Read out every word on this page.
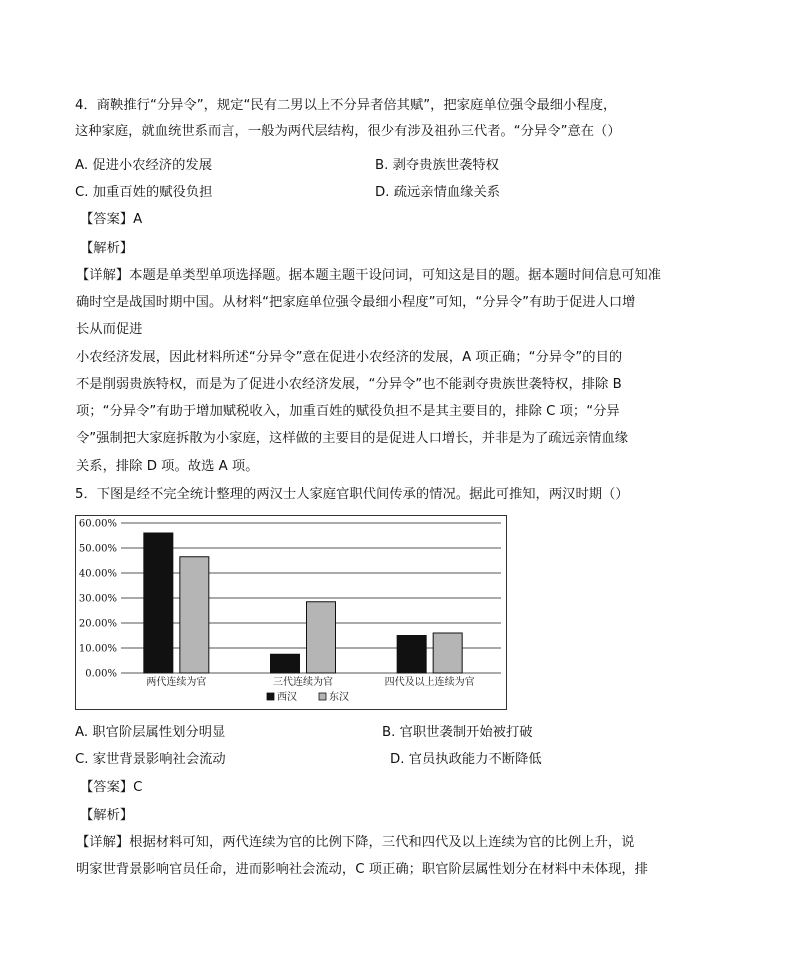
4．商鞅推行“分异令”，规定“民有二男以上不分异者倍其赋”，把家庭单位强令最细小程度，
这种家庭，就血统世系而言，一般为两代层结构，很少有涉及祖孙三代者。“分异令”意在（）
A. 促进小农经济的发展	B. 剥夺贵族世袭特权
C. 加重百姓的赋役负担	D. 疏远亲情血缘关系
【答案】A
【解析】
【详解】本题是单类型单项选择题。据本题主题干设问词，可知这是目的题。据本题时间信息可知准
确时空是战国时期中国。从材料“把家庭单位强令最细小程度”可知，“分异令”有助于促进人口增
长从而促进
小农经济发展，因此材料所述“分异令”意在促进小农经济的发展，A 项正确；“分异令”的目的
不是削弱贵族特权，而是为了促进小农经济发展，“分异令”也不能剥夺贵族世袭特权，排除 B
项；“分异令”有助于增加赋税收入，加重百姓的赋役负担不是其主要目的，排除 C 项；“分异
令”强制把大家庭拆散为小家庭，这样做的主要目的是促进人口增长，并非是为了疏远亲情血缘
关系，排除 D 项。故选 A 项。
5．下图是经不完全统计整理的两汉士人家庭官职代间传承的情况。据此可推知，两汉时期（）
0.00%
10.00%
20.00%
30.00%
40.00%
50.00%
60.00%
两代连续为官	三代连续为官	四代及以上连续为官
西汉	东汉
A. 职官阶层属性划分明显	B. 官职世袭制开始被打破
C. 家世背景影响社会流动	D. 官员执政能力不断降低
【答案】C
【解析】
【详解】根据材料可知，两代连续为官的比例下降，三代和四代及以上连续为官的比例上升，说
明家世背景影响官员任命，进而影响社会流动，C 项正确；职官阶层属性划分在材料中未体现，排
